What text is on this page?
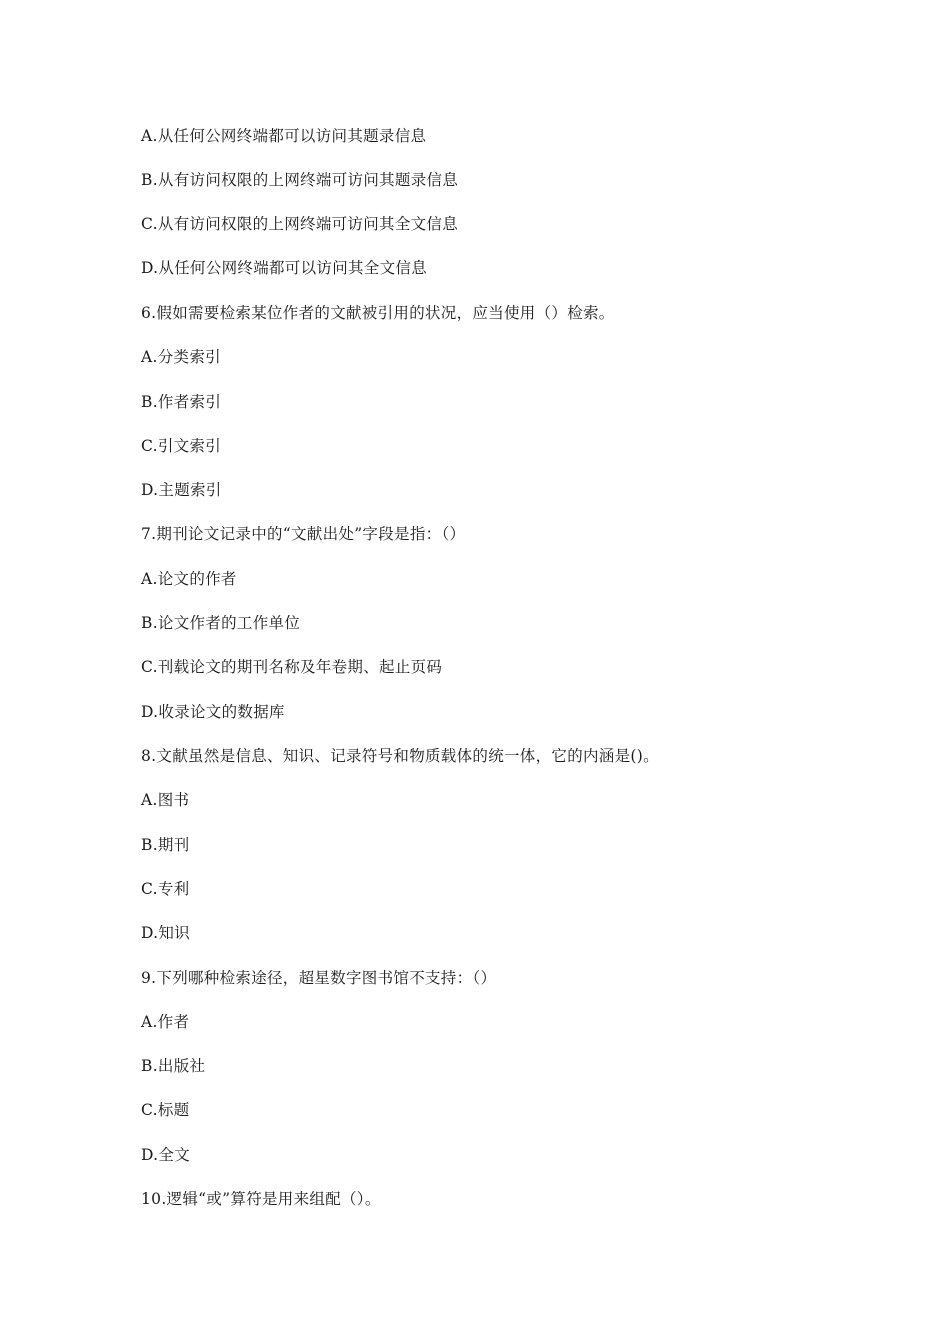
A.从任何公网终端都可以访问其题录信息
B.从有访问权限的上网终端可访问其题录信息
C.从有访问权限的上网终端可访问其全文信息
D.从任何公网终端都可以访问其全文信息
6.假如需要检索某位作者的文献被引用的状况，应当使用（）检索。
A.分类索引
B.作者索引
C.引文索引
D.主题索引
7.期刊论文记录中的“文献出处”字段是指：（）
A.论文的作者
B.论文作者的工作单位
C.刊载论文的期刊名称及年卷期、起止页码
D.收录论文的数据库
8.文献虽然是信息、知识、记录符号和物质载体的统一体，它的内涵是()。
A.图书
B.期刊
C.专利
D.知识
9.下列哪种检索途径，超星数字图书馆不支持：（）
A.作者
B.出版社
C.标题
D.全文
10.逻辑“或”算符是用来组配（）。
